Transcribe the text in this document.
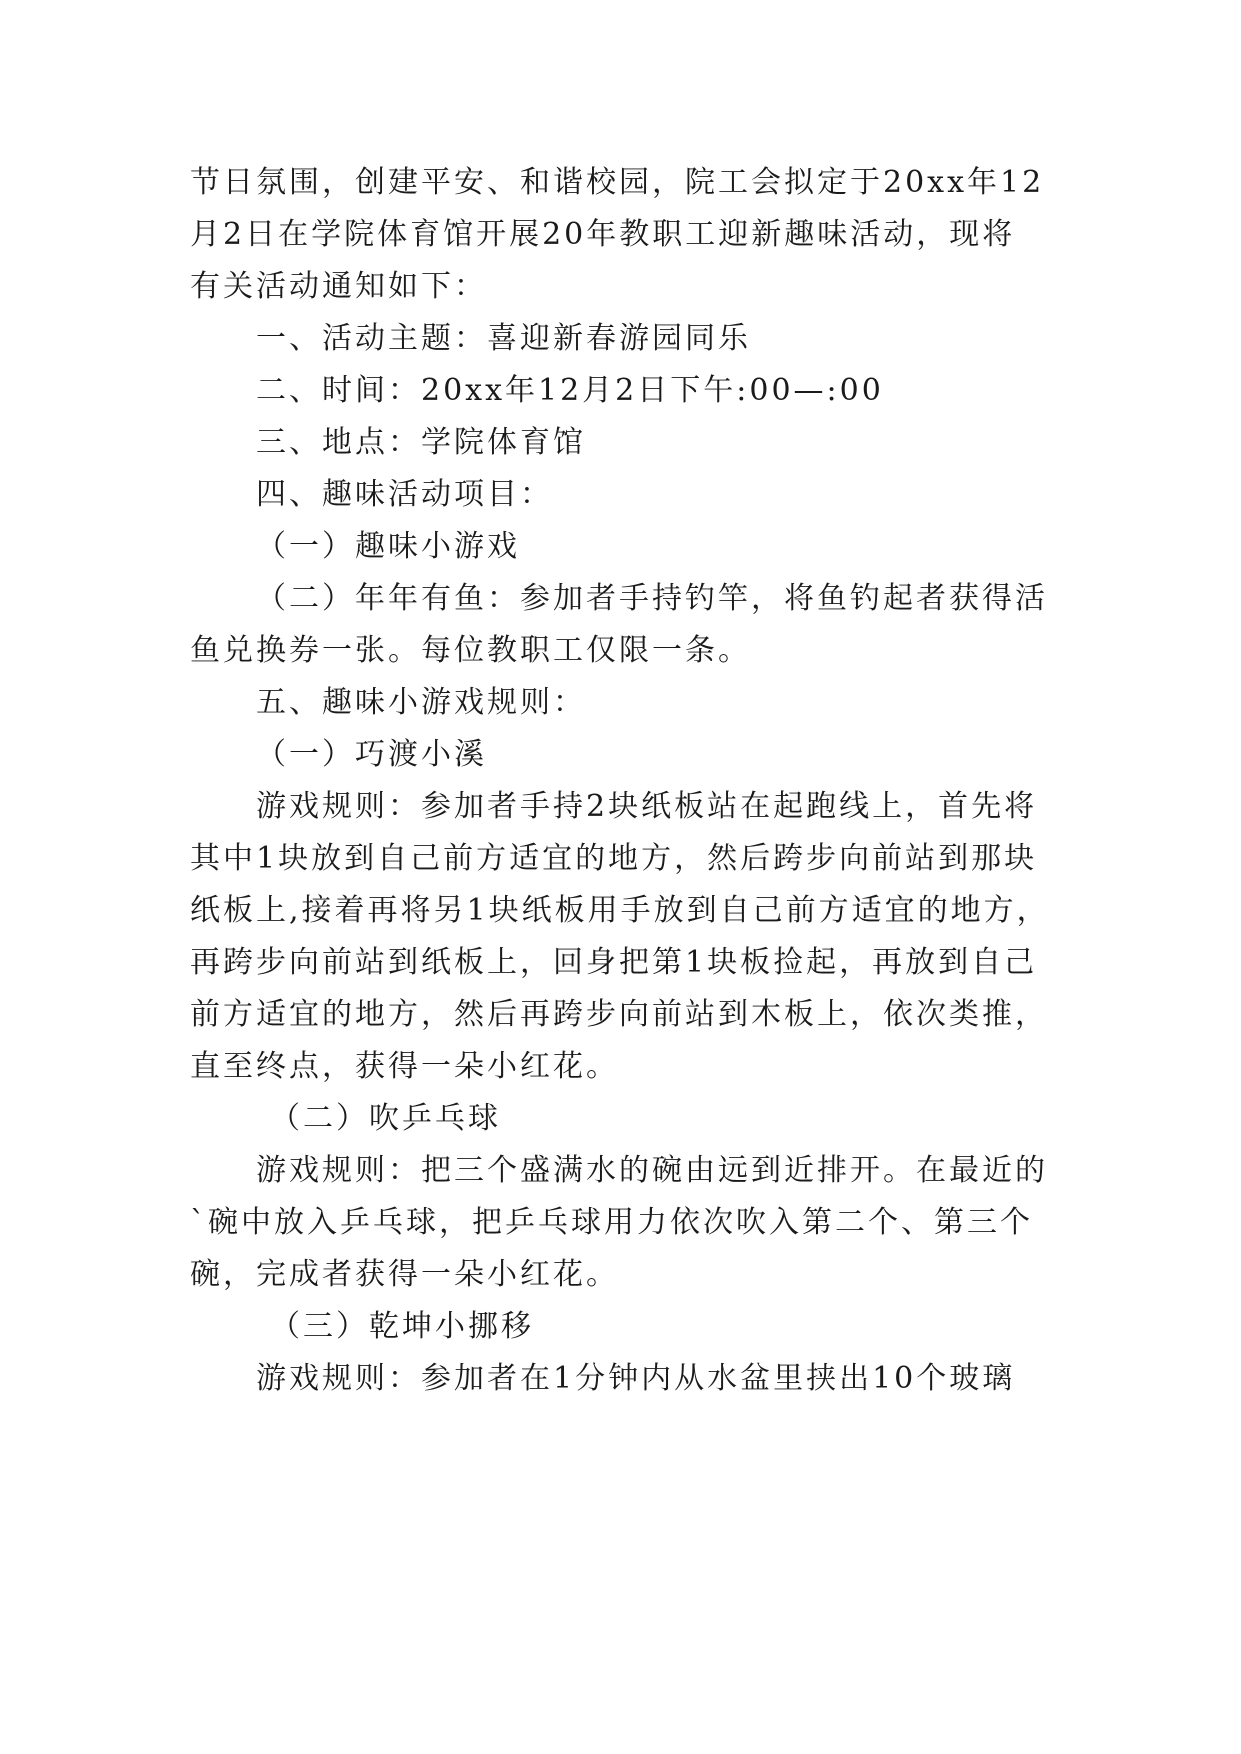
节日氛围，创建平安、和谐校园，院工会拟定于20xx年12
月2日在学院体育馆开展20年教职工迎新趣味活动，现将
有关活动通知如下：
一、活动主题：喜迎新春游园同乐
二、时间：20xx年12月2日下午:00—:00
三、地点：学院体育馆
四、趣味活动项目：
（一）趣味小游戏
（二）年年有鱼：参加者手持钓竿，将鱼钓起者获得活
鱼兑换券一张。每位教职工仅限一条。
五、趣味小游戏规则：
（一）巧渡小溪
游戏规则：参加者手持2块纸板站在起跑线上，首先将
其中1块放到自己前方适宜的地方，然后跨步向前站到那块
纸板上,接着再将另1块纸板用手放到自己前方适宜的地方，
再跨步向前站到纸板上，回身把第1块板捡起，再放到自己
前方适宜的地方，然后再跨步向前站到木板上，依次类推，
直至终点，获得一朵小红花。
（二）吹乒乓球
游戏规则：把三个盛满水的碗由远到近排开。在最近的
`碗中放入乒乓球，把乒乓球用力依次吹入第二个、第三个
碗，完成者获得一朵小红花。
（三）乾坤小挪移
游戏规则：参加者在1分钟内从水盆里挟出10个玻璃
